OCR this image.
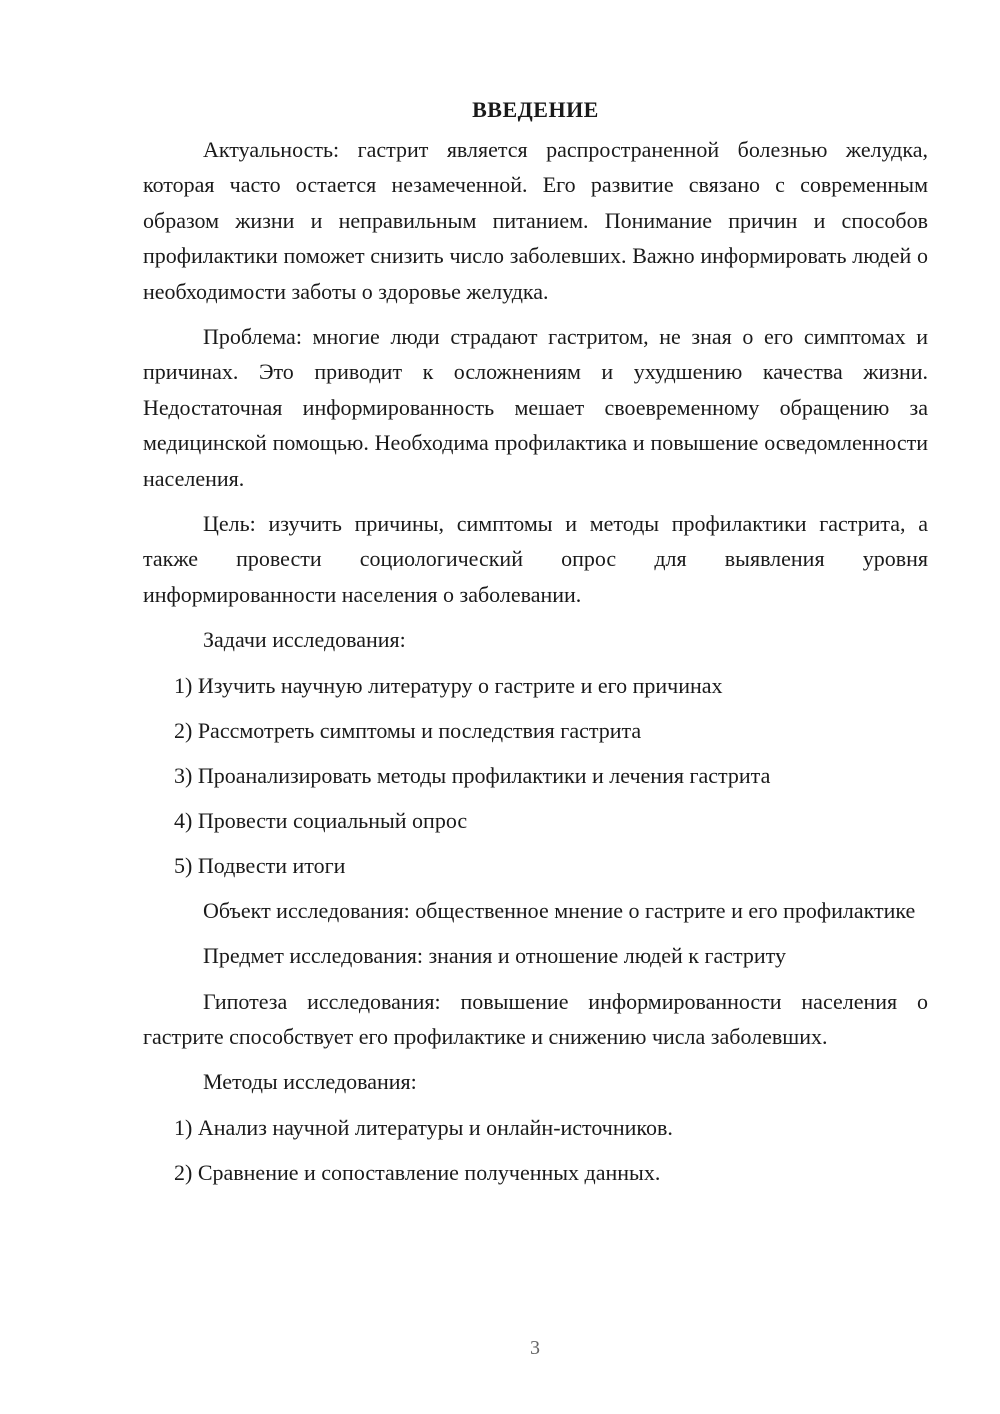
ВВЕДЕНИЕ

Актуальность: гастрит является распространенной болезнью желудка, которая часто остается незамеченной. Его развитие связано с современным образом жизни и неправильным питанием. Понимание причин и способов профилактики поможет снизить число заболевших. Важно информировать людей о необходимости заботы о здоровье желудка.

Проблема: многие люди страдают гастритом, не зная о его симптомах и причинах. Это приводит к осложнениям и ухудшению качества жизни. Недостаточная информированность мешает своевременному обращению за медицинской помощью. Необходима профилактика и повышение осведомленности населения.

Цель: изучить причины, симптомы и методы профилактики гастрита, а также провести социологический опрос для выявления уровня информированности населения о заболевании.

Задачи исследования:

1) Изучить научную литературу о гастрите и его причинах
2) Рассмотреть симптомы и последствия гастрита
3) Проанализировать методы профилактики и лечения гастрита
4) Провести социальный опрос
5) Подвести итоги

Объект исследования: общественное мнение о гастрите и его профилактике

Предмет исследования: знания и отношение людей к гастриту

Гипотеза исследования: повышение информированности населения о гастрите способствует его профилактике и снижению числа заболевших.

Методы исследования:

1) Анализ научной литературы и онлайн-источников.
2) Сравнение и сопоставление полученных данных.
3
